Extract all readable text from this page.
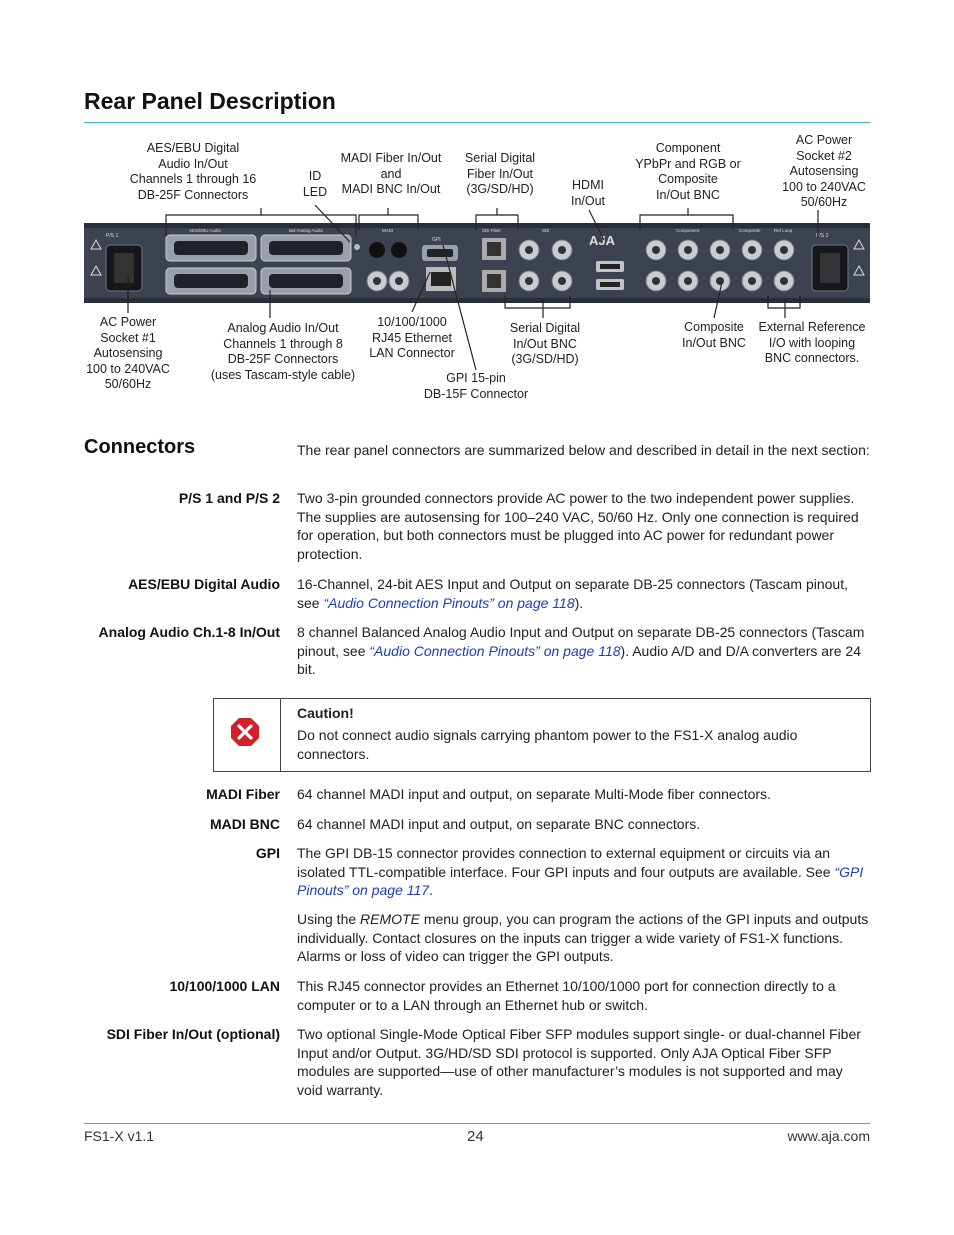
Rear Panel Description
AES/EBU Digital
Audio In/Out
Channels 1 through 16
DB-25F Connectors
ID
LED
MADI Fiber In/Out
and
MADI BNC In/Out
Serial Digital
Fiber In/Out
(3G/SD/HD)	HDMI
In/Out
Component
YPbPr and RGB or
Composite
In/Out BNC
AC Power
Socket #2
Autosensing
100 to 240VAC
50/60Hz
AC Power
Socket #1
Autosensing
100 to 240VAC
50/60Hz
Analog Audio In/Out
Channels 1 through 8
DB-25F Connectors
(uses Tascam-style cable)
10/100/1000
RJ45 Ethernet
LAN Connector
GPI 15-pin
DB-15F Connector
Serial Digital
In/Out BNC
(3G/SD/HD)
Composite
In/Out BNC
External Reference
I/O with looping
BNC connectors.
P/S 1
AES/EBU Audio	Bal Analog Audio	MADI
GPI
SDI Fiber	SDI
AJA
Component	Composite	Ref Loop
P/S 2
Connectors	The rear panel connectors are summarized below and described in detail in the next section:
P/S 1 and P/S 2 Two 3-pin grounded connectors provide AC power to the two independent power supplies. The supplies are autosensing for 100–240 VAC, 50/60 Hz. Only one connection is required for operation, but both connectors must be plugged into AC power for redundant power protection.
AES/EBU Digital Audio 16-Channel, 24-bit AES Input and Output on separate DB-25 connectors (Tascam pinout, see “Audio Connection Pinouts” on page 118).
Analog Audio Ch.1-8 In/Out 8 channel Balanced Analog Audio Input and Output on separate DB-25 connectors (Tascam pinout, see “Audio Connection Pinouts” on page 118). Audio A/D and D/A converters are 24 bit.
Caution!
Do not connect audio signals carrying phantom power to the FS1-X analog audio connectors.
MADI Fiber 64 channel MADI input and output, on separate Multi-Mode fiber connectors.
MADI BNC 64 channel MADI input and output, on separate BNC connectors.
GPI The GPI DB-15 connector provides connection to external equipment or circuits via an isolated TTL-compatible interface. Four GPI inputs and four outputs are available. See “GPI Pinouts” on page 117.
Using the REMOTE menu group, you can program the actions of the GPI inputs and outputs individually. Contact closures on the inputs can trigger a wide variety of FS1-X functions. Alarms or loss of video can trigger the GPI outputs.
10/100/1000 LAN This RJ45 connector provides an Ethernet 10/100/1000 port for connection directly to a computer or to a LAN through an Ethernet hub or switch.
SDI Fiber In/Out (optional) Two optional Single-Mode Optical Fiber SFP modules support single- or dual-channel Fiber Input and/or Output. 3G/HD/SD SDI protocol is supported. Only AJA Optical Fiber SFP modules are supported—use of other manufacturer’s modules is not supported and may void warranty.
FS1-X v1.1	24	www.aja.com
